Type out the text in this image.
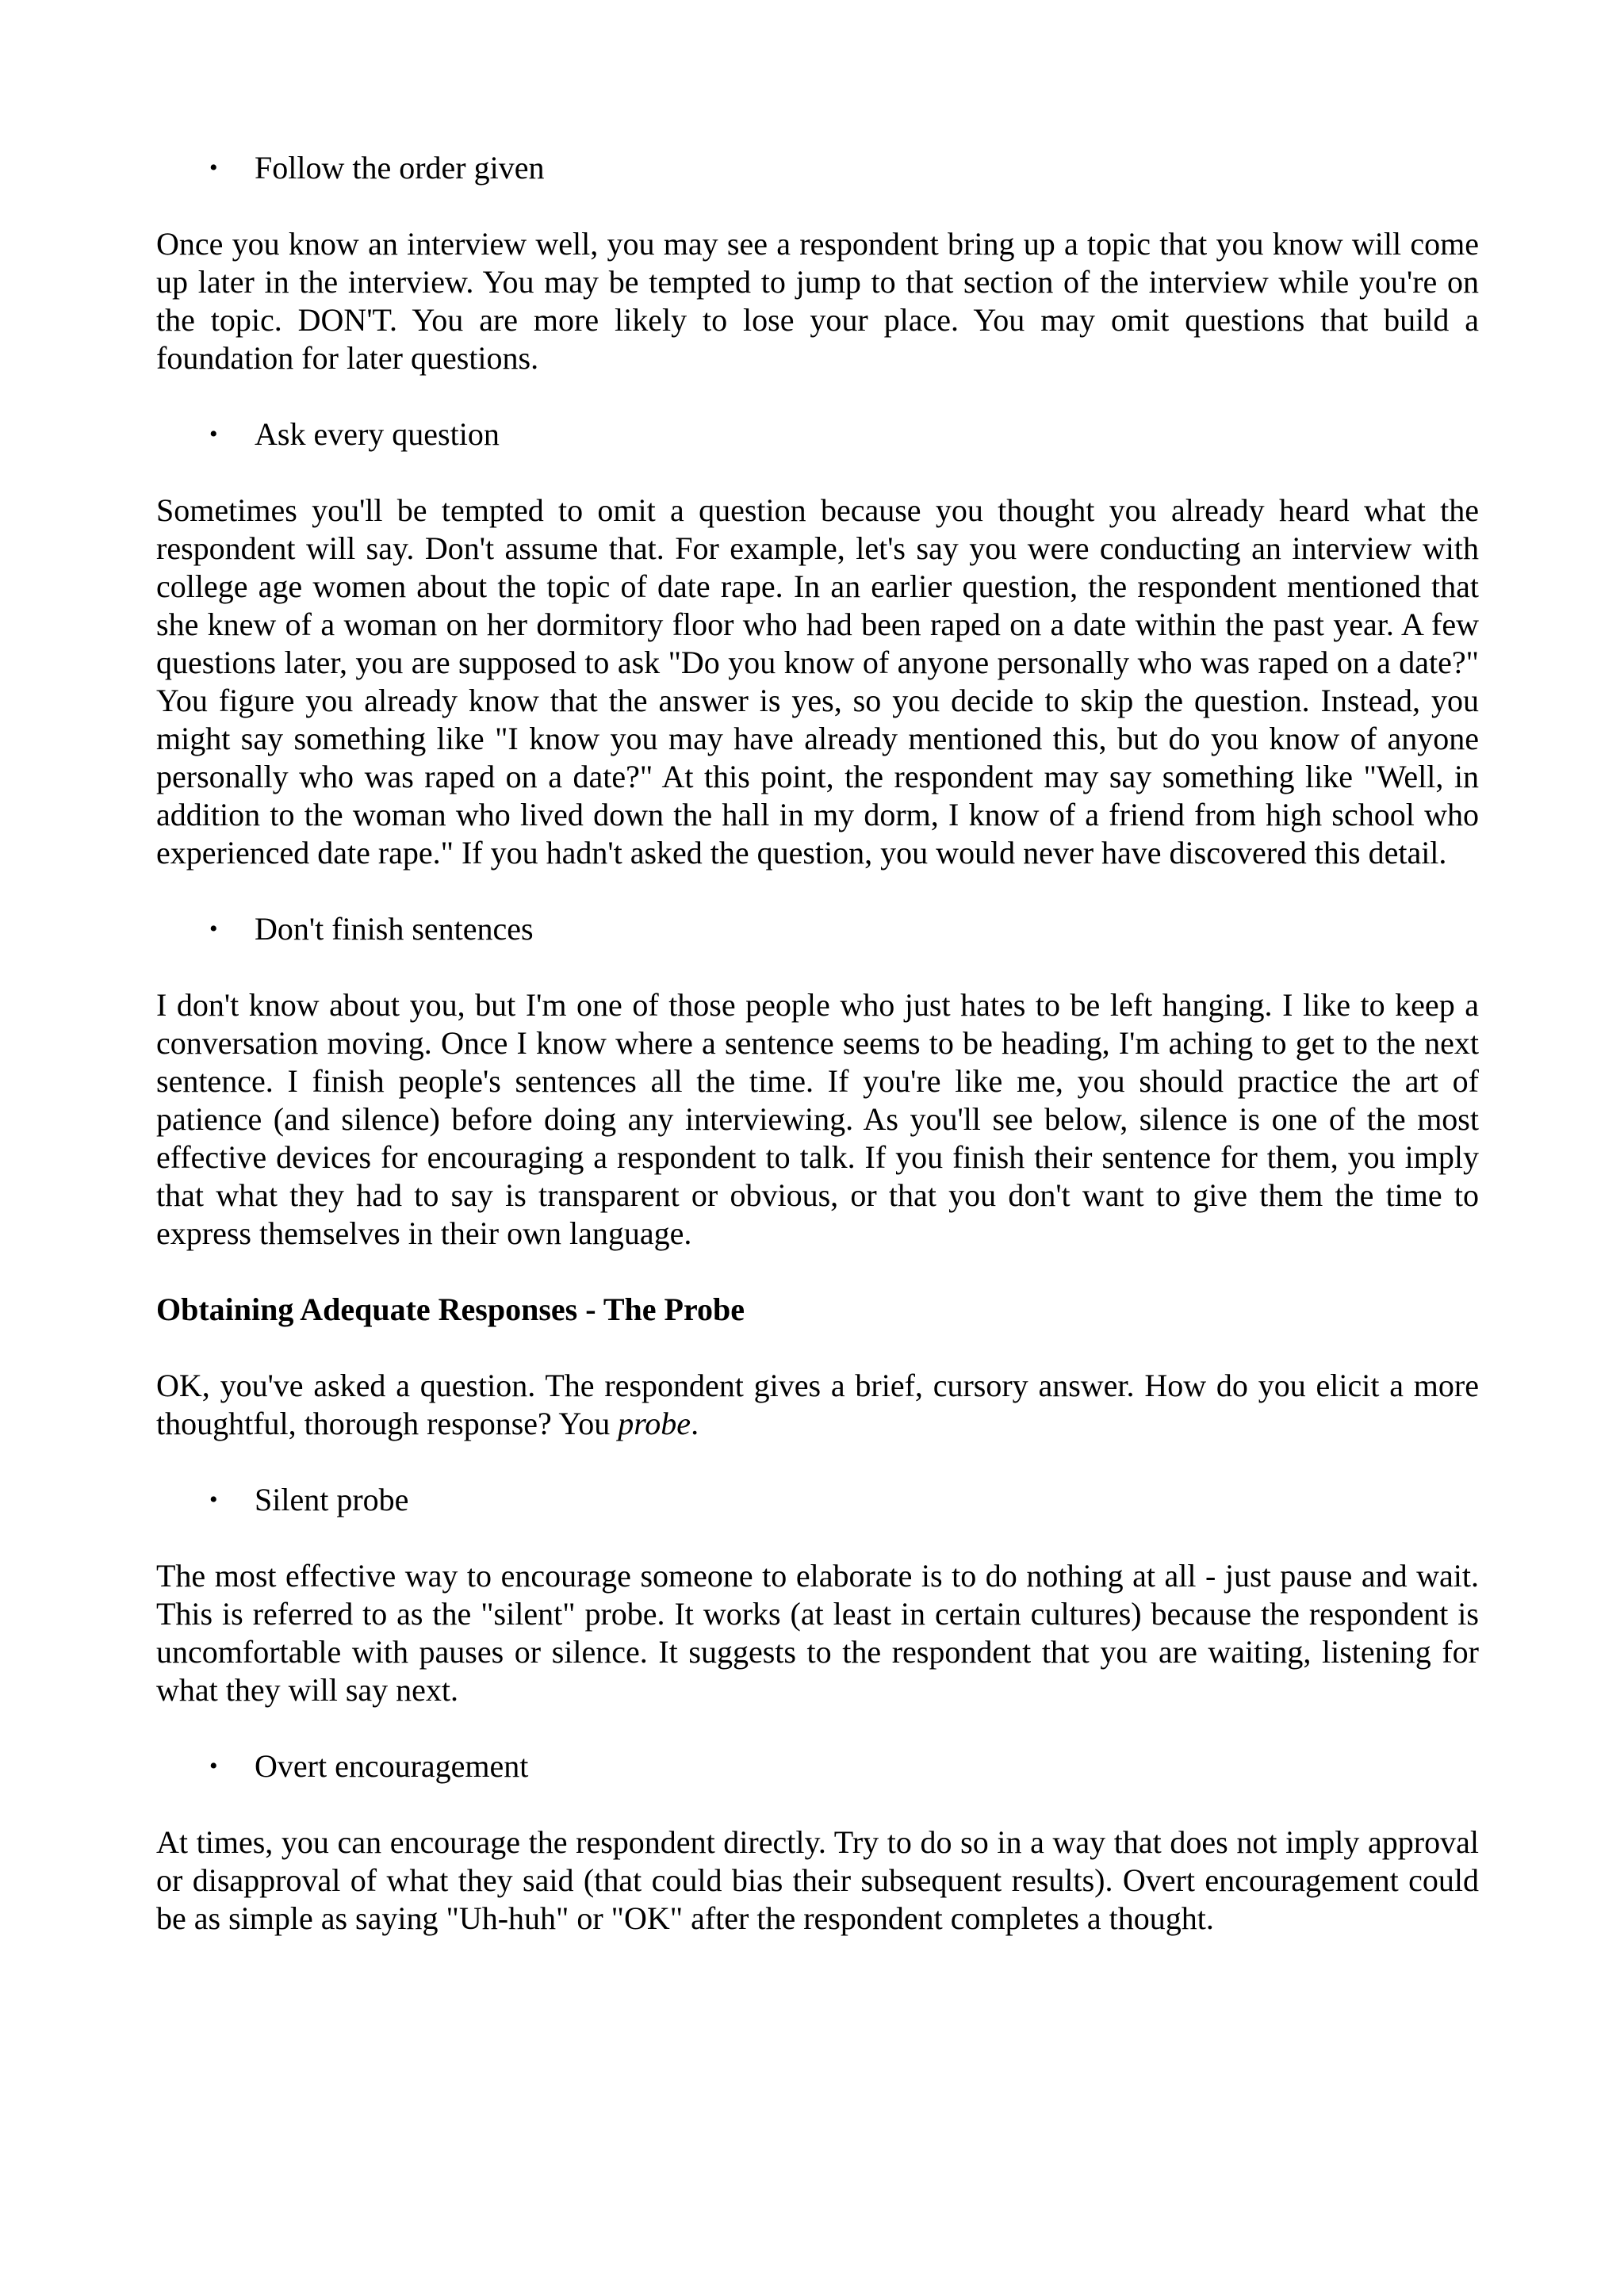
• Follow the order given

Once you know an interview well, you may see a respondent bring up a topic that you know will come up later in the interview. You may be tempted to jump to that section of the interview while you're on the topic. DON'T. You are more likely to lose your place. You may omit questions that build a foundation for later questions.

• Ask every question

Sometimes you'll be tempted to omit a question because you thought you already heard what the respondent will say. Don't assume that. For example, let's say you were conducting an interview with college age women about the topic of date rape. In an earlier question, the respondent mentioned that she knew of a woman on her dormitory floor who had been raped on a date within the past year. A few questions later, you are supposed to ask "Do you know of anyone personally who was raped on a date?" You figure you already know that the answer is yes, so you decide to skip the question. Instead, you might say something like "I know you may have already mentioned this, but do you know of anyone personally who was raped on a date?" At this point, the respondent may say something like "Well, in addition to the woman who lived down the hall in my dorm, I know of a friend from high school who experienced date rape." If you hadn't asked the question, you would never have discovered this detail.

• Don't finish sentences

I don't know about you, but I'm one of those people who just hates to be left hanging. I like to keep a conversation moving. Once I know where a sentence seems to be heading, I'm aching to get to the next sentence. I finish people's sentences all the time. If you're like me, you should practice the art of patience (and silence) before doing any interviewing. As you'll see below, silence is one of the most effective devices for encouraging a respondent to talk. If you finish their sentence for them, you imply that what they had to say is transparent or obvious, or that you don't want to give them the time to express themselves in their own language.

Obtaining Adequate Responses - The Probe

OK, you've asked a question. The respondent gives a brief, cursory answer. How do you elicit a more thoughtful, thorough response? You probe.

• Silent probe

The most effective way to encourage someone to elaborate is to do nothing at all - just pause and wait. This is referred to as the "silent" probe. It works (at least in certain cultures) because the respondent is uncomfortable with pauses or silence. It suggests to the respondent that you are waiting, listening for what they will say next.

• Overt encouragement

At times, you can encourage the respondent directly. Try to do so in a way that does not imply approval or disapproval of what they said (that could bias their subsequent results). Overt encouragement could be as simple as saying "Uh-huh" or "OK" after the respondent completes a thought.
